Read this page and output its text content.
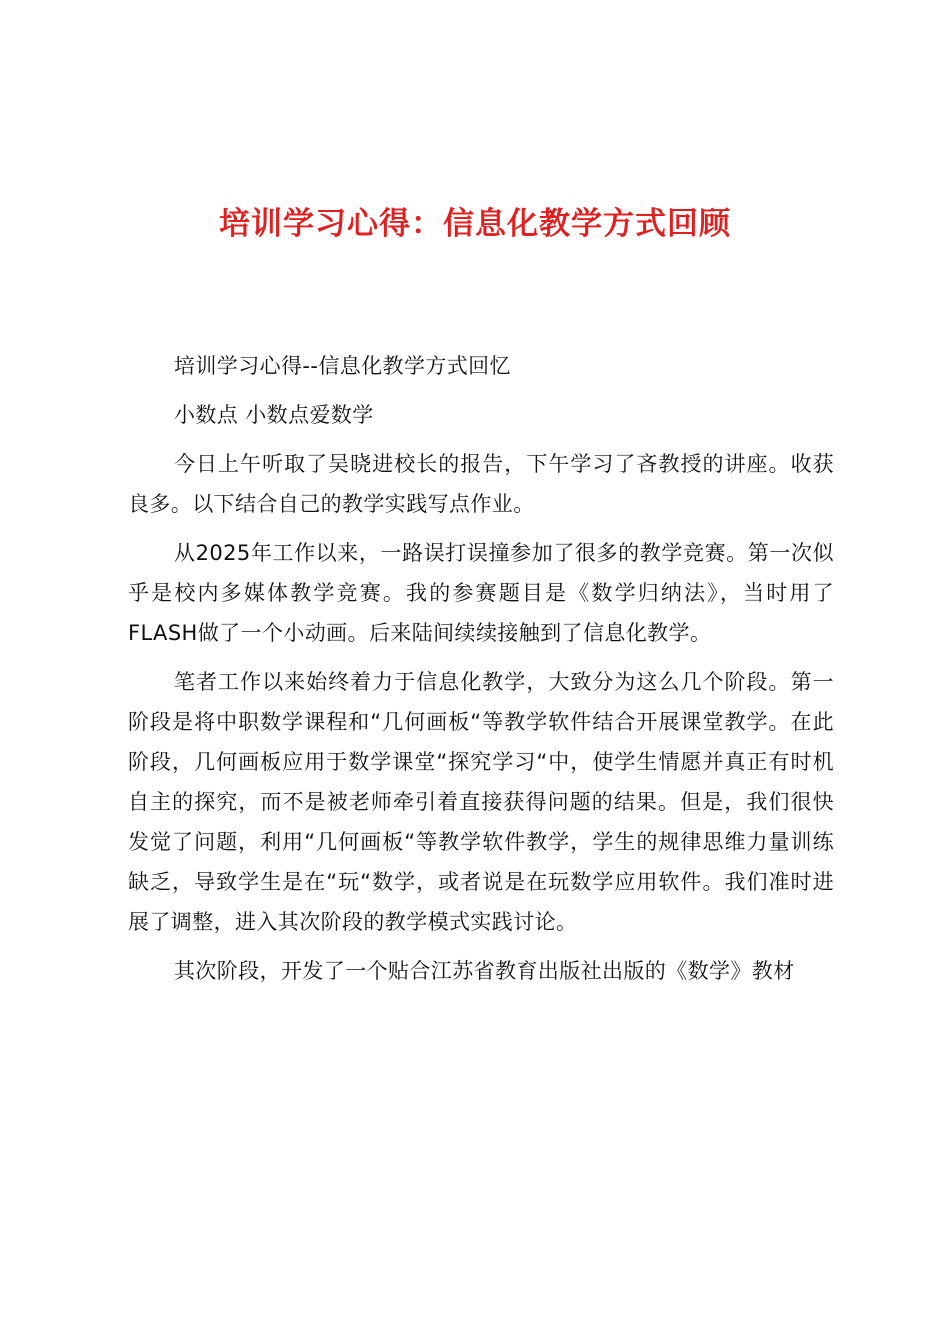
培训学习心得：信息化教学方式回顾

培训学习心得--信息化教学方式回忆

小数点 小数点爱数学

今日上午听取了吴晓进校长的报告，下午学习了吝教授的讲座。收获良多。以下结合自己的教学实践写点作业。

从2025年工作以来，一路误打误撞参加了很多的教学竞赛。第一次似乎是校内多媒体教学竞赛。我的参赛题目是《数学归纳法》，当时用了FLASH做了一个小动画。后来陆间续续接触到了信息化教学。

笔者工作以来始终着力于信息化教学，大致分为这么几个阶段。第一阶段是将中职数学课程和“几何画板“等教学软件结合开展课堂教学。在此阶段，几何画板应用于数学课堂“探究学习“中，使学生情愿并真正有时机自主的探究，而不是被老师牵引着直接获得问题的结果。但是，我们很快发觉了问题，利用“几何画板“等教学软件教学，学生的规律思维力量训练缺乏，导致学生是在“玩“数学，或者说是在玩数学应用软件。我们准时进展了调整，进入其次阶段的教学模式实践讨论。

其次阶段，开发了一个贴合江苏省教育出版社出版的《数学》教材
